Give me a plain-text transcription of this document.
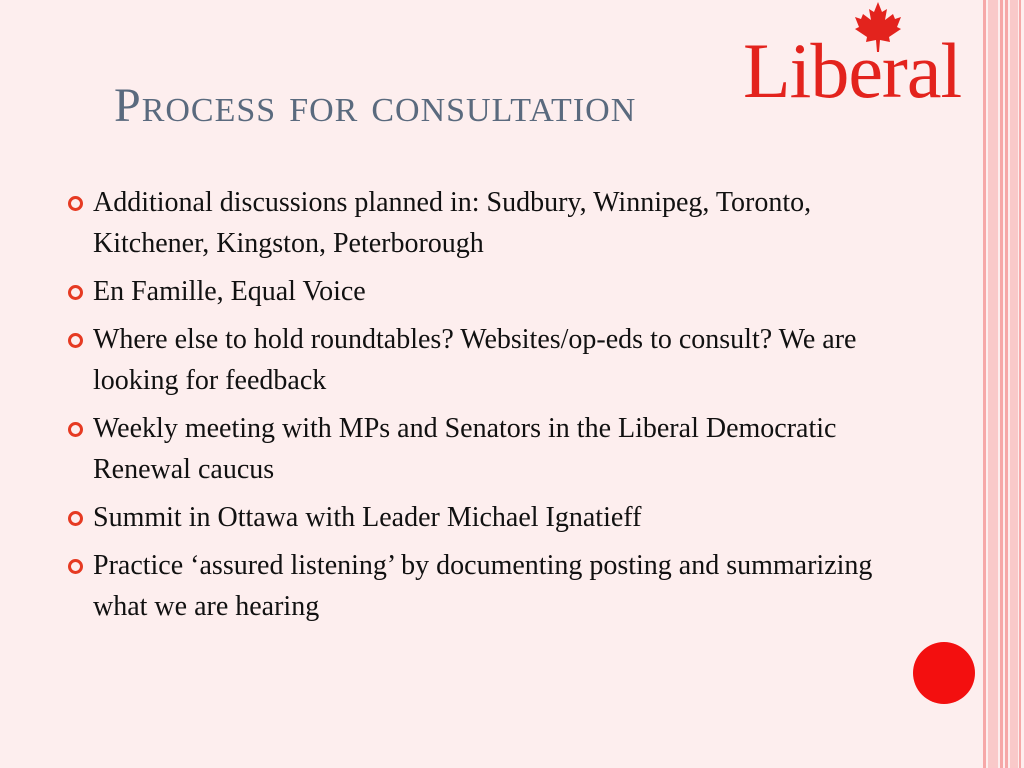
Liberal
Process for consultation
Additional discussions planned in: Sudbury, Winnipeg, Toronto, Kitchener, Kingston, Peterborough
En Famille, Equal Voice
Where else to hold roundtables? Websites/op-eds to consult? We are looking for feedback
Weekly meeting with MPs and Senators in the Liberal Democratic Renewal caucus
Summit in Ottawa with Leader Michael Ignatieff
Practice ‘assured listening’ by documenting posting and summarizing what we are hearing
